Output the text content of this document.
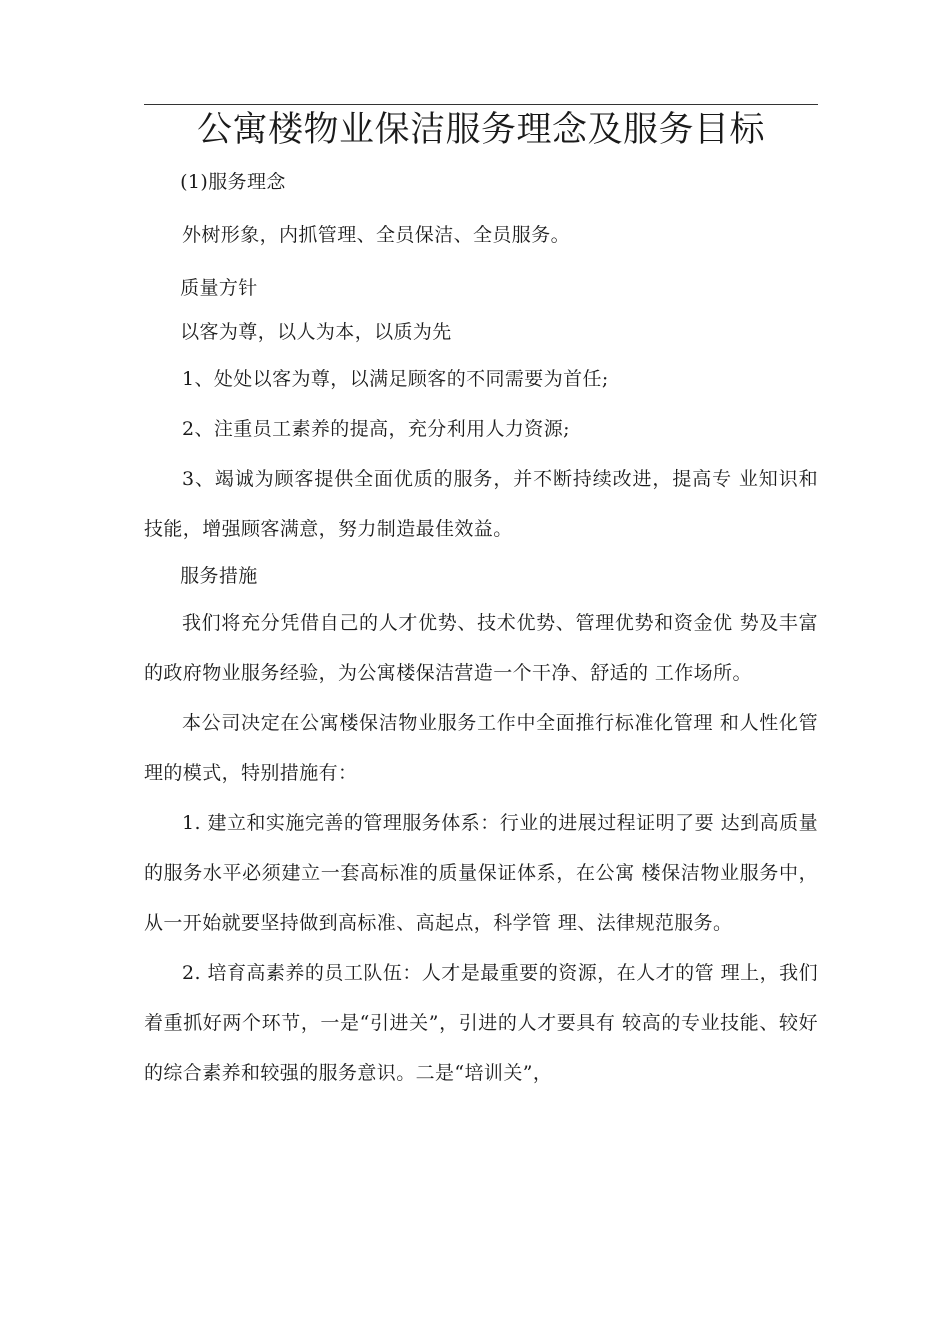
公寓楼物业保洁服务理念及服务目标

(1)服务理念

外树形象，内抓管理、全员保洁、全员服务。

质量方针

以客为尊，以人为本，以质为先

1、处处以客为尊，以满足顾客的不同需要为首任;

2、注重员工素养的提高，充分利用人力资源;

3、竭诚为顾客提供全面优质的服务，并不断持续改进，提高专 业知识和技能，增强顾客满意，努力制造最佳效益。

服务措施

我们将充分凭借自己的人才优势、技术优势、管理优势和资金优 势及丰富的政府物业服务经验，为公寓楼保洁营造一个干净、舒适的 工作场所。

本公司决定在公寓楼保洁物业服务工作中全面推行标准化管理 和人性化管理的模式，特别措施有：

1. 建立和实施完善的管理服务体系：行业的进展过程证明了要 达到高质量的服务水平必须建立一套高标准的质量保证体系，在公寓 楼保洁物业服务中，从一开始就要坚持做到高标准、高起点，科学管 理、法律规范服务。

2. 培育高素养的员工队伍：人才是最重要的资源，在人才的管 理上，我们着重抓好两个环节，一是“引进关”，引进的人才要具有 较高的专业技能、较好的综合素养和较强的服务意识。二是“培训关”，
